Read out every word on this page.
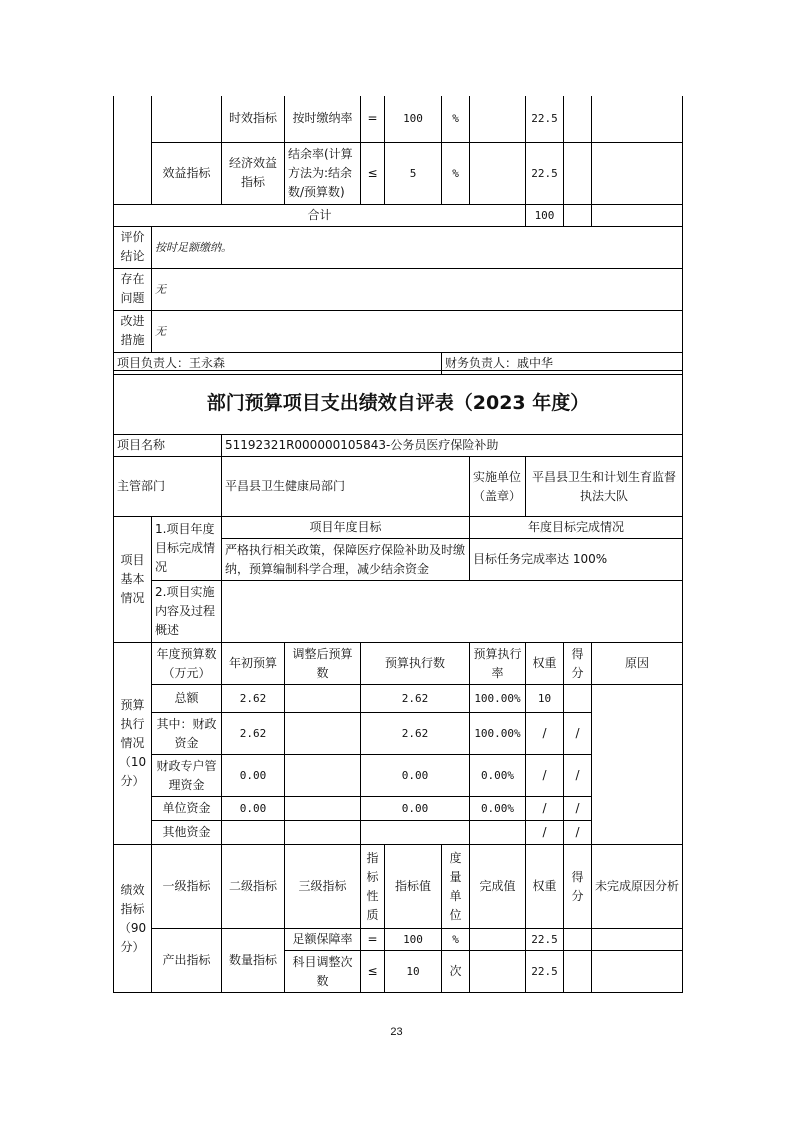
		时效指标	按时缴纳率	=	100	%		22.5		
	效益指标	经济效益指标	结余率(计算方法为:结余数/预算数)	≤	5	%		22.5		
合计								100		
评价结论	按时足额缴纳。									
存在问题	无									
改进措施	无									
项目负责人：王永森						财务负责人：戚中华				
部门预算项目支出绩效自评表（2023 年度）										
项目名称		51192321R000000105843-公务员医疗保险补助								
主管部门		平昌县卫生健康局部门					实施单位（盖章）	平昌县卫生和计划生育监督执法大队		
项目基本情况	1.项目年度目标完成情况	项目年度目标					年度目标完成情况			
		严格执行相关政策，保障医疗保险补助及时缴纳，预算编制科学合理，减少结余资金					目标任务完成率达 100%			
	2.项目实施内容及过程概述									
预算执行情况（10分）	年度预算数（万元）	年初预算	调整后预算数	预算执行数			预算执行率	权重	得分	原因
	总额	2.62		2.62			100.00%	10		
	其中：财政资金	2.62		2.62			100.00%	/	/	
	财政专户管理资金	0.00		0.00			0.00%	/	/	
	单位资金	0.00		0.00			0.00%	/	/	
	其他资金							/	/	
绩效指标（90分）	一级指标	二级指标	三级指标	指标性质	指标值	度量单位	完成值	权重	得分	未完成原因分析
	产出指标	数量指标	足额保障率	=	100	%		22.5		
			科目调整次数	≤	10	次		22.5		
23
